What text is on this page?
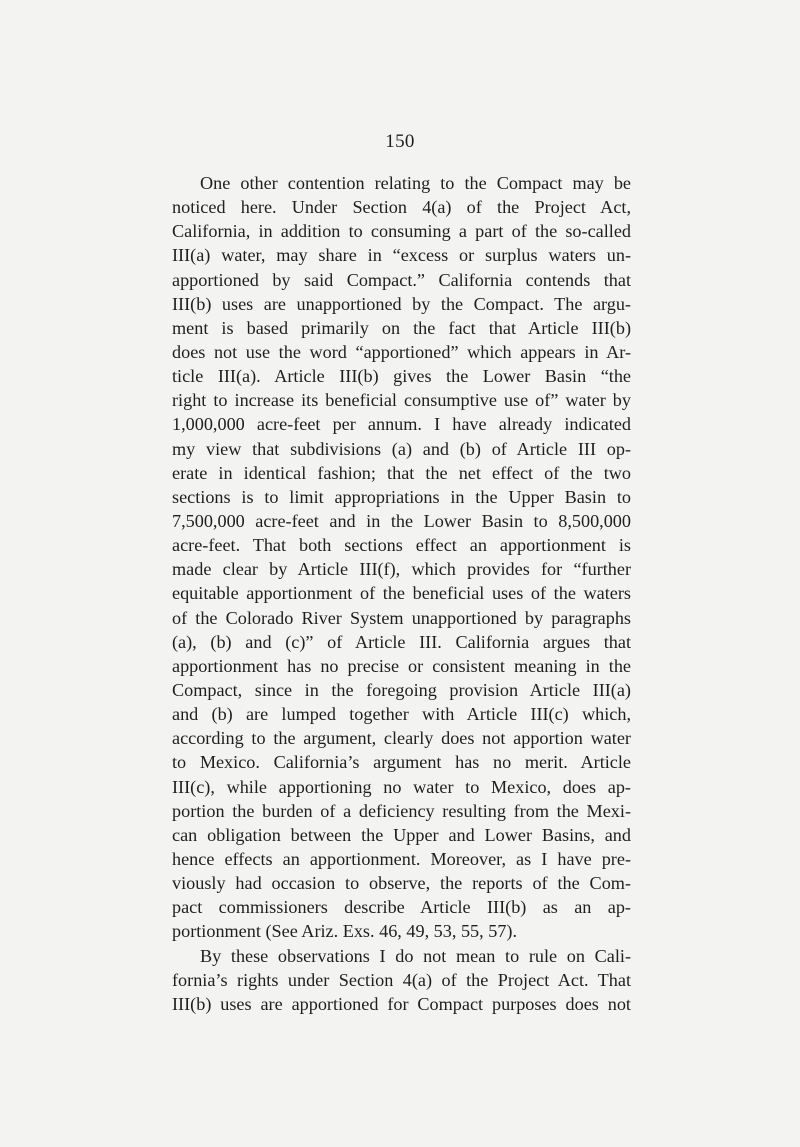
150
One other contention relating to the Compact may be
noticed here. Under Section 4(a) of the Project Act,
California, in addition to consuming a part of the so-called
III(a) water, may share in “excess or surplus waters un-
apportioned by said Compact.” California contends that
III(b) uses are unapportioned by the Compact. The argu-
ment is based primarily on the fact that Article III(b)
does not use the word “apportioned” which appears in Ar-
ticle III(a). Article III(b) gives the Lower Basin “the
right to increase its beneficial consumptive use of” water by
1,000,000 acre-feet per annum. I have already indicated
my view that subdivisions (a) and (b) of Article III op-
erate in identical fashion; that the net effect of the two
sections is to limit appropriations in the Upper Basin to
7,500,000 acre-feet and in the Lower Basin to 8,500,000
acre-feet. That both sections effect an apportionment is
made clear by Article III(f), which provides for “further
equitable apportionment of the beneficial uses of the waters
of the Colorado River System unapportioned by paragraphs
(a), (b) and (c)” of Article III. California argues that
apportionment has no precise or consistent meaning in the
Compact, since in the foregoing provision Article III(a)
and (b) are lumped together with Article III(c) which,
according to the argument, clearly does not apportion water
to Mexico. California’s argument has no merit. Article
III(c), while apportioning no water to Mexico, does ap-
portion the burden of a deficiency resulting from the Mexi-
can obligation between the Upper and Lower Basins, and
hence effects an apportionment. Moreover, as I have pre-
viously had occasion to observe, the reports of the Com-
pact commissioners describe Article III(b) as an ap-
portionment (See Ariz. Exs. 46, 49, 53, 55, 57).
By these observations I do not mean to rule on Cali-
fornia’s rights under Section 4(a) of the Project Act. That
III(b) uses are apportioned for Compact purposes does not
